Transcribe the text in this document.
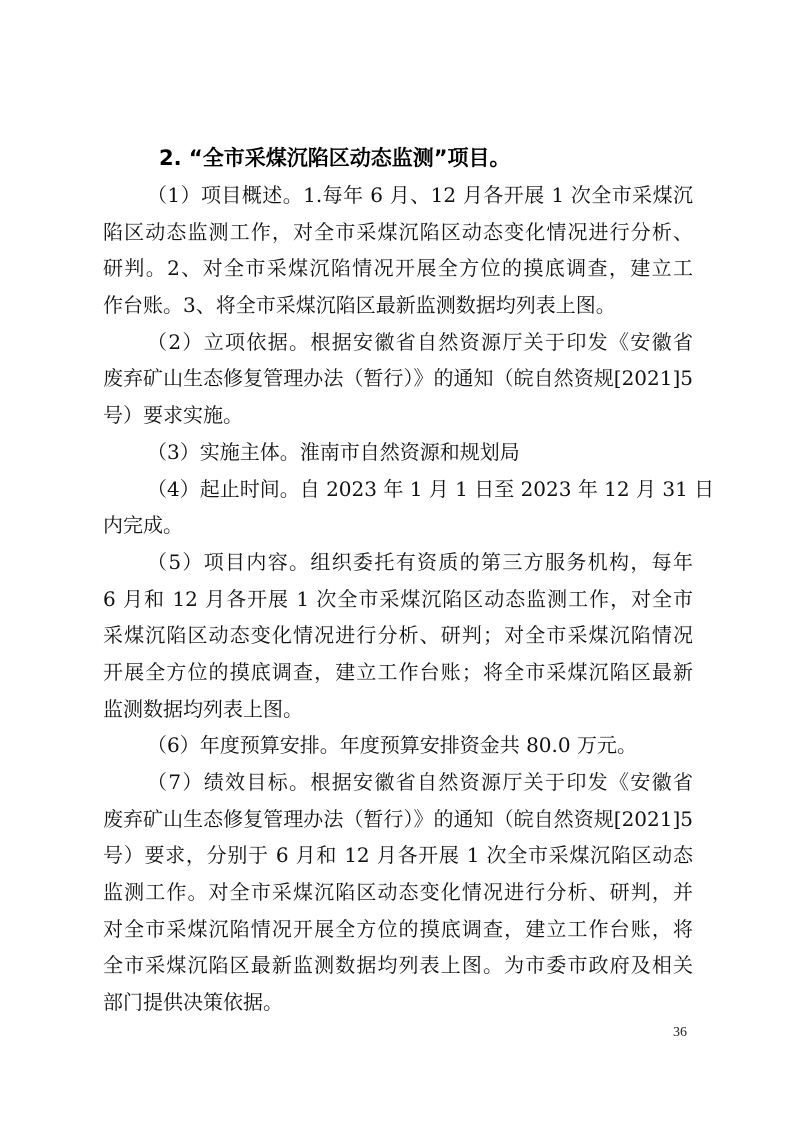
2. “全市采煤沉陷区动态监测”项目。
（1）项目概述。1.每年 6 月、12 月各开展 1 次全市采煤沉
陷区动态监测工作，对全市采煤沉陷区动态变化情况进行分析、
研判。2、对全市采煤沉陷情况开展全方位的摸底调查，建立工
作台账。3、将全市采煤沉陷区最新监测数据均列表上图。
（2）立项依据。根据安徽省自然资源厅关于印发《安徽省
废弃矿山生态修复管理办法（暂行）》的通知（皖自然资规[2021]5
号）要求实施。
（3）实施主体。淮南市自然资源和规划局
（4）起止时间。自 2023 年 1 月 1 日至 2023 年 12 月 31 日
内完成。
（5）项目内容。组织委托有资质的第三方服务机构，每年
6 月和 12 月各开展 1 次全市采煤沉陷区动态监测工作，对全市
采煤沉陷区动态变化情况进行分析、研判；对全市采煤沉陷情况
开展全方位的摸底调查，建立工作台账；将全市采煤沉陷区最新
监测数据均列表上图。
（6）年度预算安排。年度预算安排资金共 80.0 万元。
（7）绩效目标。根据安徽省自然资源厅关于印发《安徽省
废弃矿山生态修复管理办法（暂行）》的通知（皖自然资规[2021]5
号）要求，分别于 6 月和 12 月各开展 1 次全市采煤沉陷区动态
监测工作。对全市采煤沉陷区动态变化情况进行分析、研判，并
对全市采煤沉陷情况开展全方位的摸底调查，建立工作台账，将
全市采煤沉陷区最新监测数据均列表上图。为市委市政府及相关
部门提供决策依据。
36
